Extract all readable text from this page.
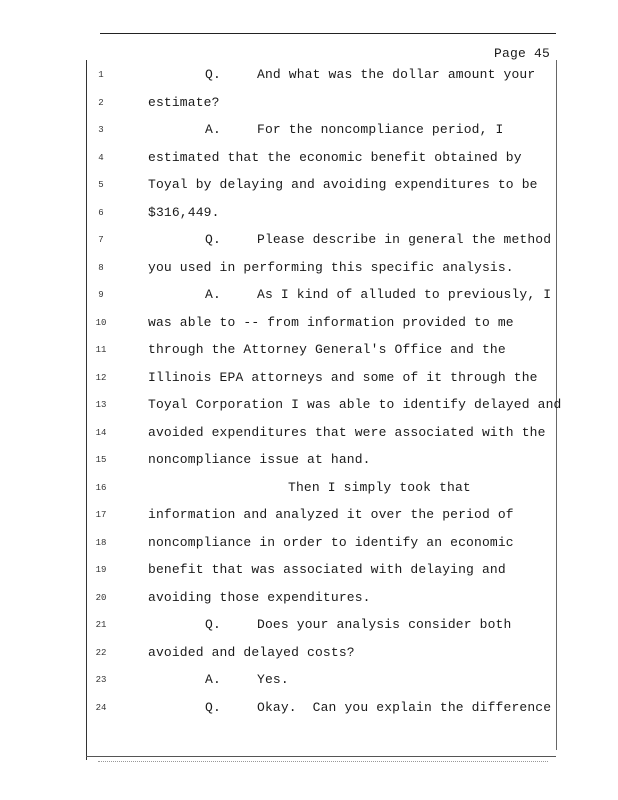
Page 45
1	Q.	And what was the dollar amount your
2	estimate?
3	A.	For the noncompliance period, I
4	estimated that the economic benefit obtained by
5	Toyal by delaying and avoiding expenditures to be
6	$316,449.
7	Q.	Please describe in general the method
8	you used in performing this specific analysis.
9	A.	As I kind of alluded to previously, I
10	was able to -- from information provided to me
11	through the Attorney General's Office and the
12	Illinois EPA attorneys and some of it through the
13	Toyal Corporation I was able to identify delayed and
14	avoided expenditures that were associated with the
15	noncompliance issue at hand.
16	Then I simply took that
17	information and analyzed it over the period of
18	noncompliance in order to identify an economic
19	benefit that was associated with delaying and
20	avoiding those expenditures.
21	Q.	Does your analysis consider both
22	avoided and delayed costs?
23	A.	Yes.
24	Q.	Okay.  Can you explain the difference
